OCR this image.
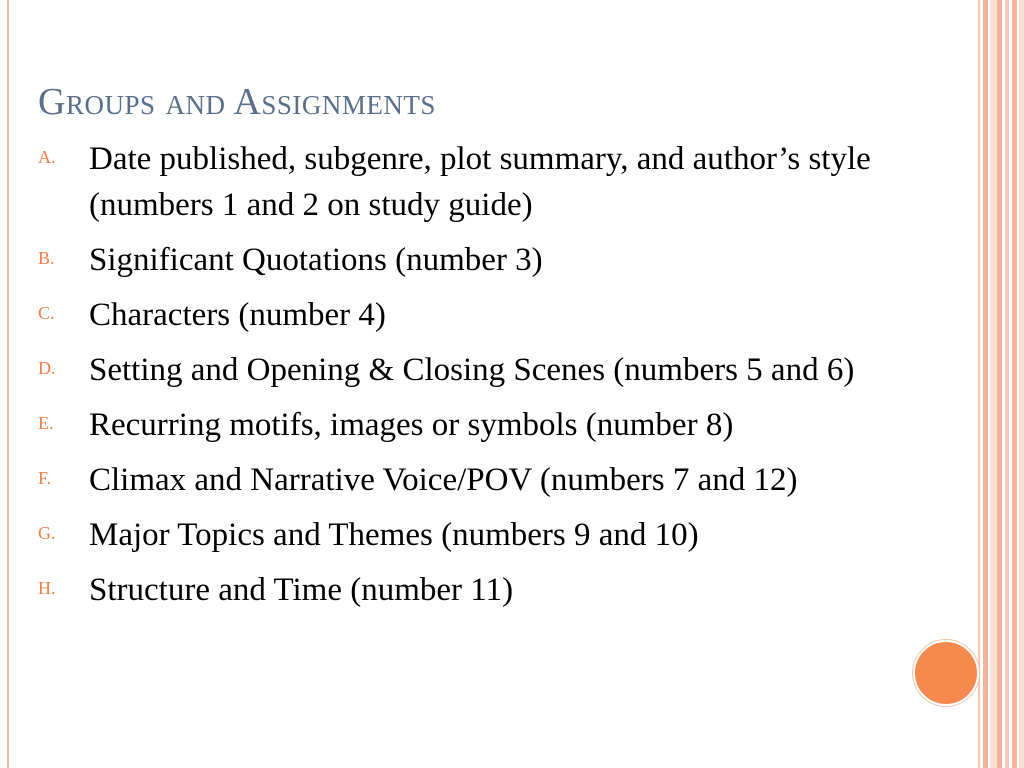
Groups and Assignments
A.	Date published, subgenre, plot summary, and author’s style (numbers 1 and 2 on study guide)
B.	Significant Quotations (number 3)
C.	Characters (number 4)
D.	Setting and Opening & Closing Scenes (numbers 5 and 6)
E.	Recurring motifs, images or symbols (number 8)
F.	Climax and Narrative Voice/POV (numbers 7 and 12)
G.	Major Topics and Themes (numbers 9 and 10)
H.	Structure and Time (number 11)
